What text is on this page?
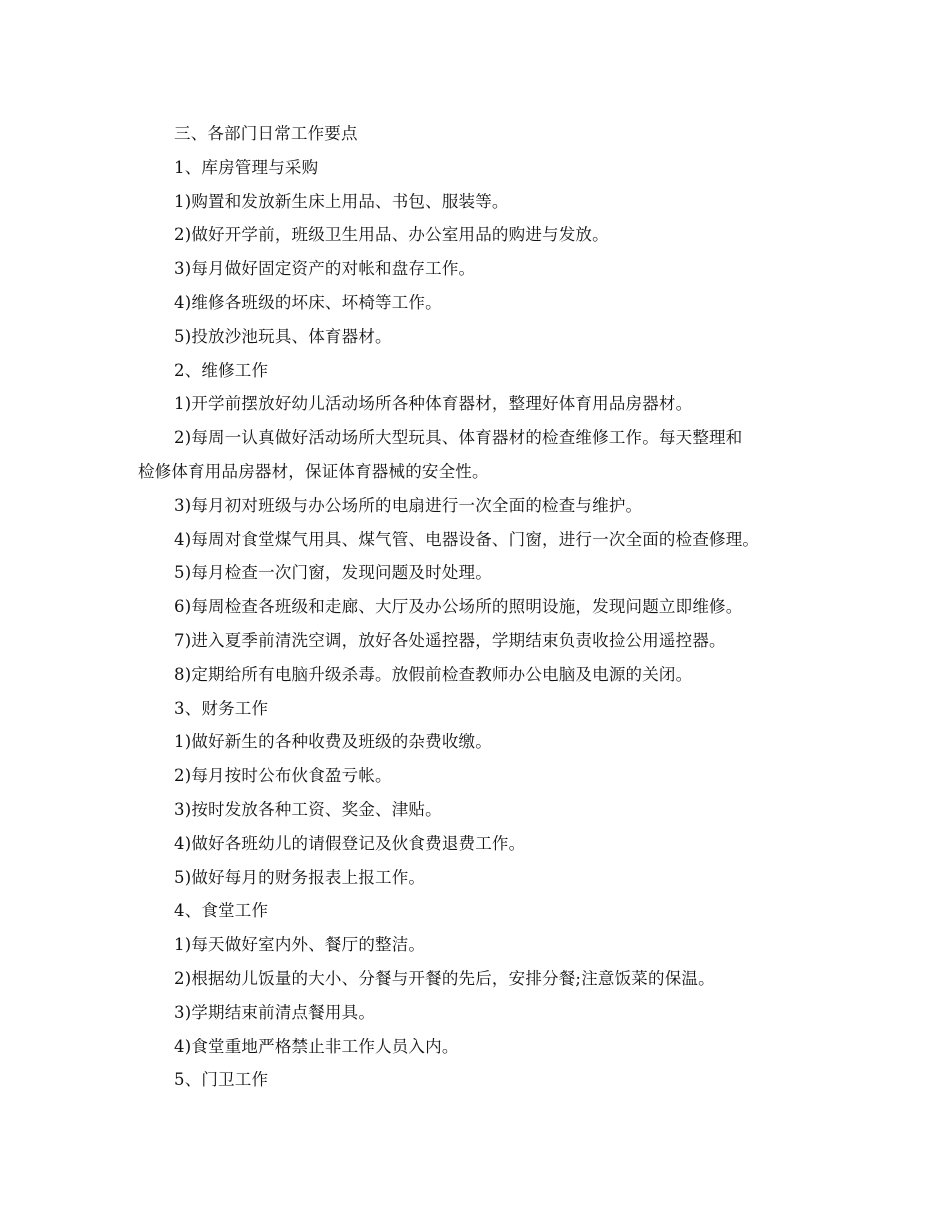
三、各部门日常工作要点
1、库房管理与采购
1)购置和发放新生床上用品、书包、服装等。
2)做好开学前，班级卫生用品、办公室用品的购进与发放。
3)每月做好固定资产的对帐和盘存工作。
4)维修各班级的坏床、坏椅等工作。
5)投放沙池玩具、体育器材。
2、维修工作
1)开学前摆放好幼儿活动场所各种体育器材，整理好体育用品房器材。
2)每周一认真做好活动场所大型玩具、体育器材的检查维修工作。每天整理和
检修体育用品房器材，保证体育器械的安全性。
3)每月初对班级与办公场所的电扇进行一次全面的检查与维护。
4)每周对食堂煤气用具、煤气管、电器设备、门窗，进行一次全面的检查修理。
5)每月检查一次门窗，发现问题及时处理。
6)每周检查各班级和走廊、大厅及办公场所的照明设施，发现问题立即维修。
7)进入夏季前清洗空调，放好各处遥控器，学期结束负责收捡公用遥控器。
8)定期给所有电脑升级杀毒。放假前检查教师办公电脑及电源的关闭。
3、财务工作
1)做好新生的各种收费及班级的杂费收缴。
2)每月按时公布伙食盈亏帐。
3)按时发放各种工资、奖金、津贴。
4)做好各班幼儿的请假登记及伙食费退费工作。
5)做好每月的财务报表上报工作。
4、食堂工作
1)每天做好室内外、餐厅的整洁。
2)根据幼儿饭量的大小、分餐与开餐的先后，安排分餐;注意饭菜的保温。
3)学期结束前清点餐用具。
4)食堂重地严格禁止非工作人员入内。
5、门卫工作
